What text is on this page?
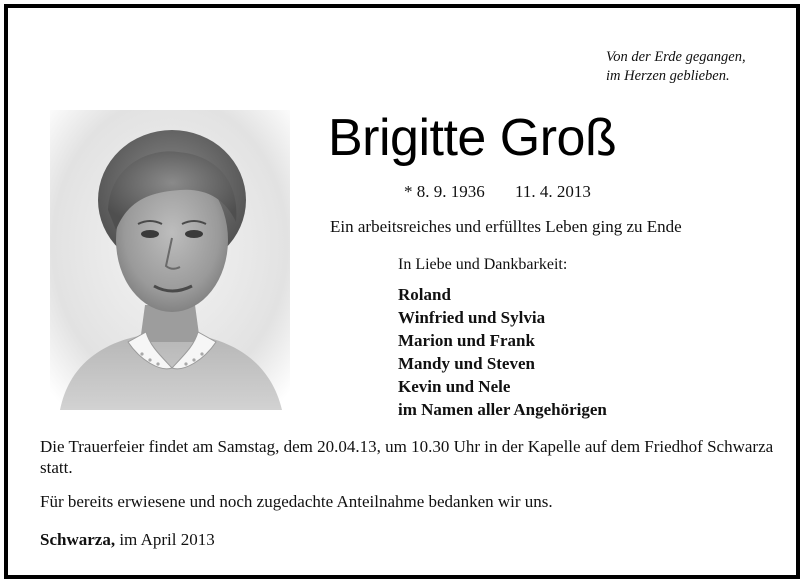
Von der Erde gegangen,
im Herzen geblieben.
Brigitte Groß
* 8. 9. 1936 11. 4. 2013
Ein arbeitsreiches und erfülltes Leben ging zu Ende
In Liebe und Dankbarkeit:
Roland
Winfried und Sylvia
Marion und Frank
Mandy und Steven
Kevin und Nele
im Namen aller Angehörigen
Die Trauerfeier findet am Samstag, dem 20.04.13, um 10.30 Uhr in der Kapelle auf dem Friedhof Schwarza statt.
Für bereits erwiesene und noch zugedachte Anteilnahme bedanken wir uns.
Schwarza, im April 2013
